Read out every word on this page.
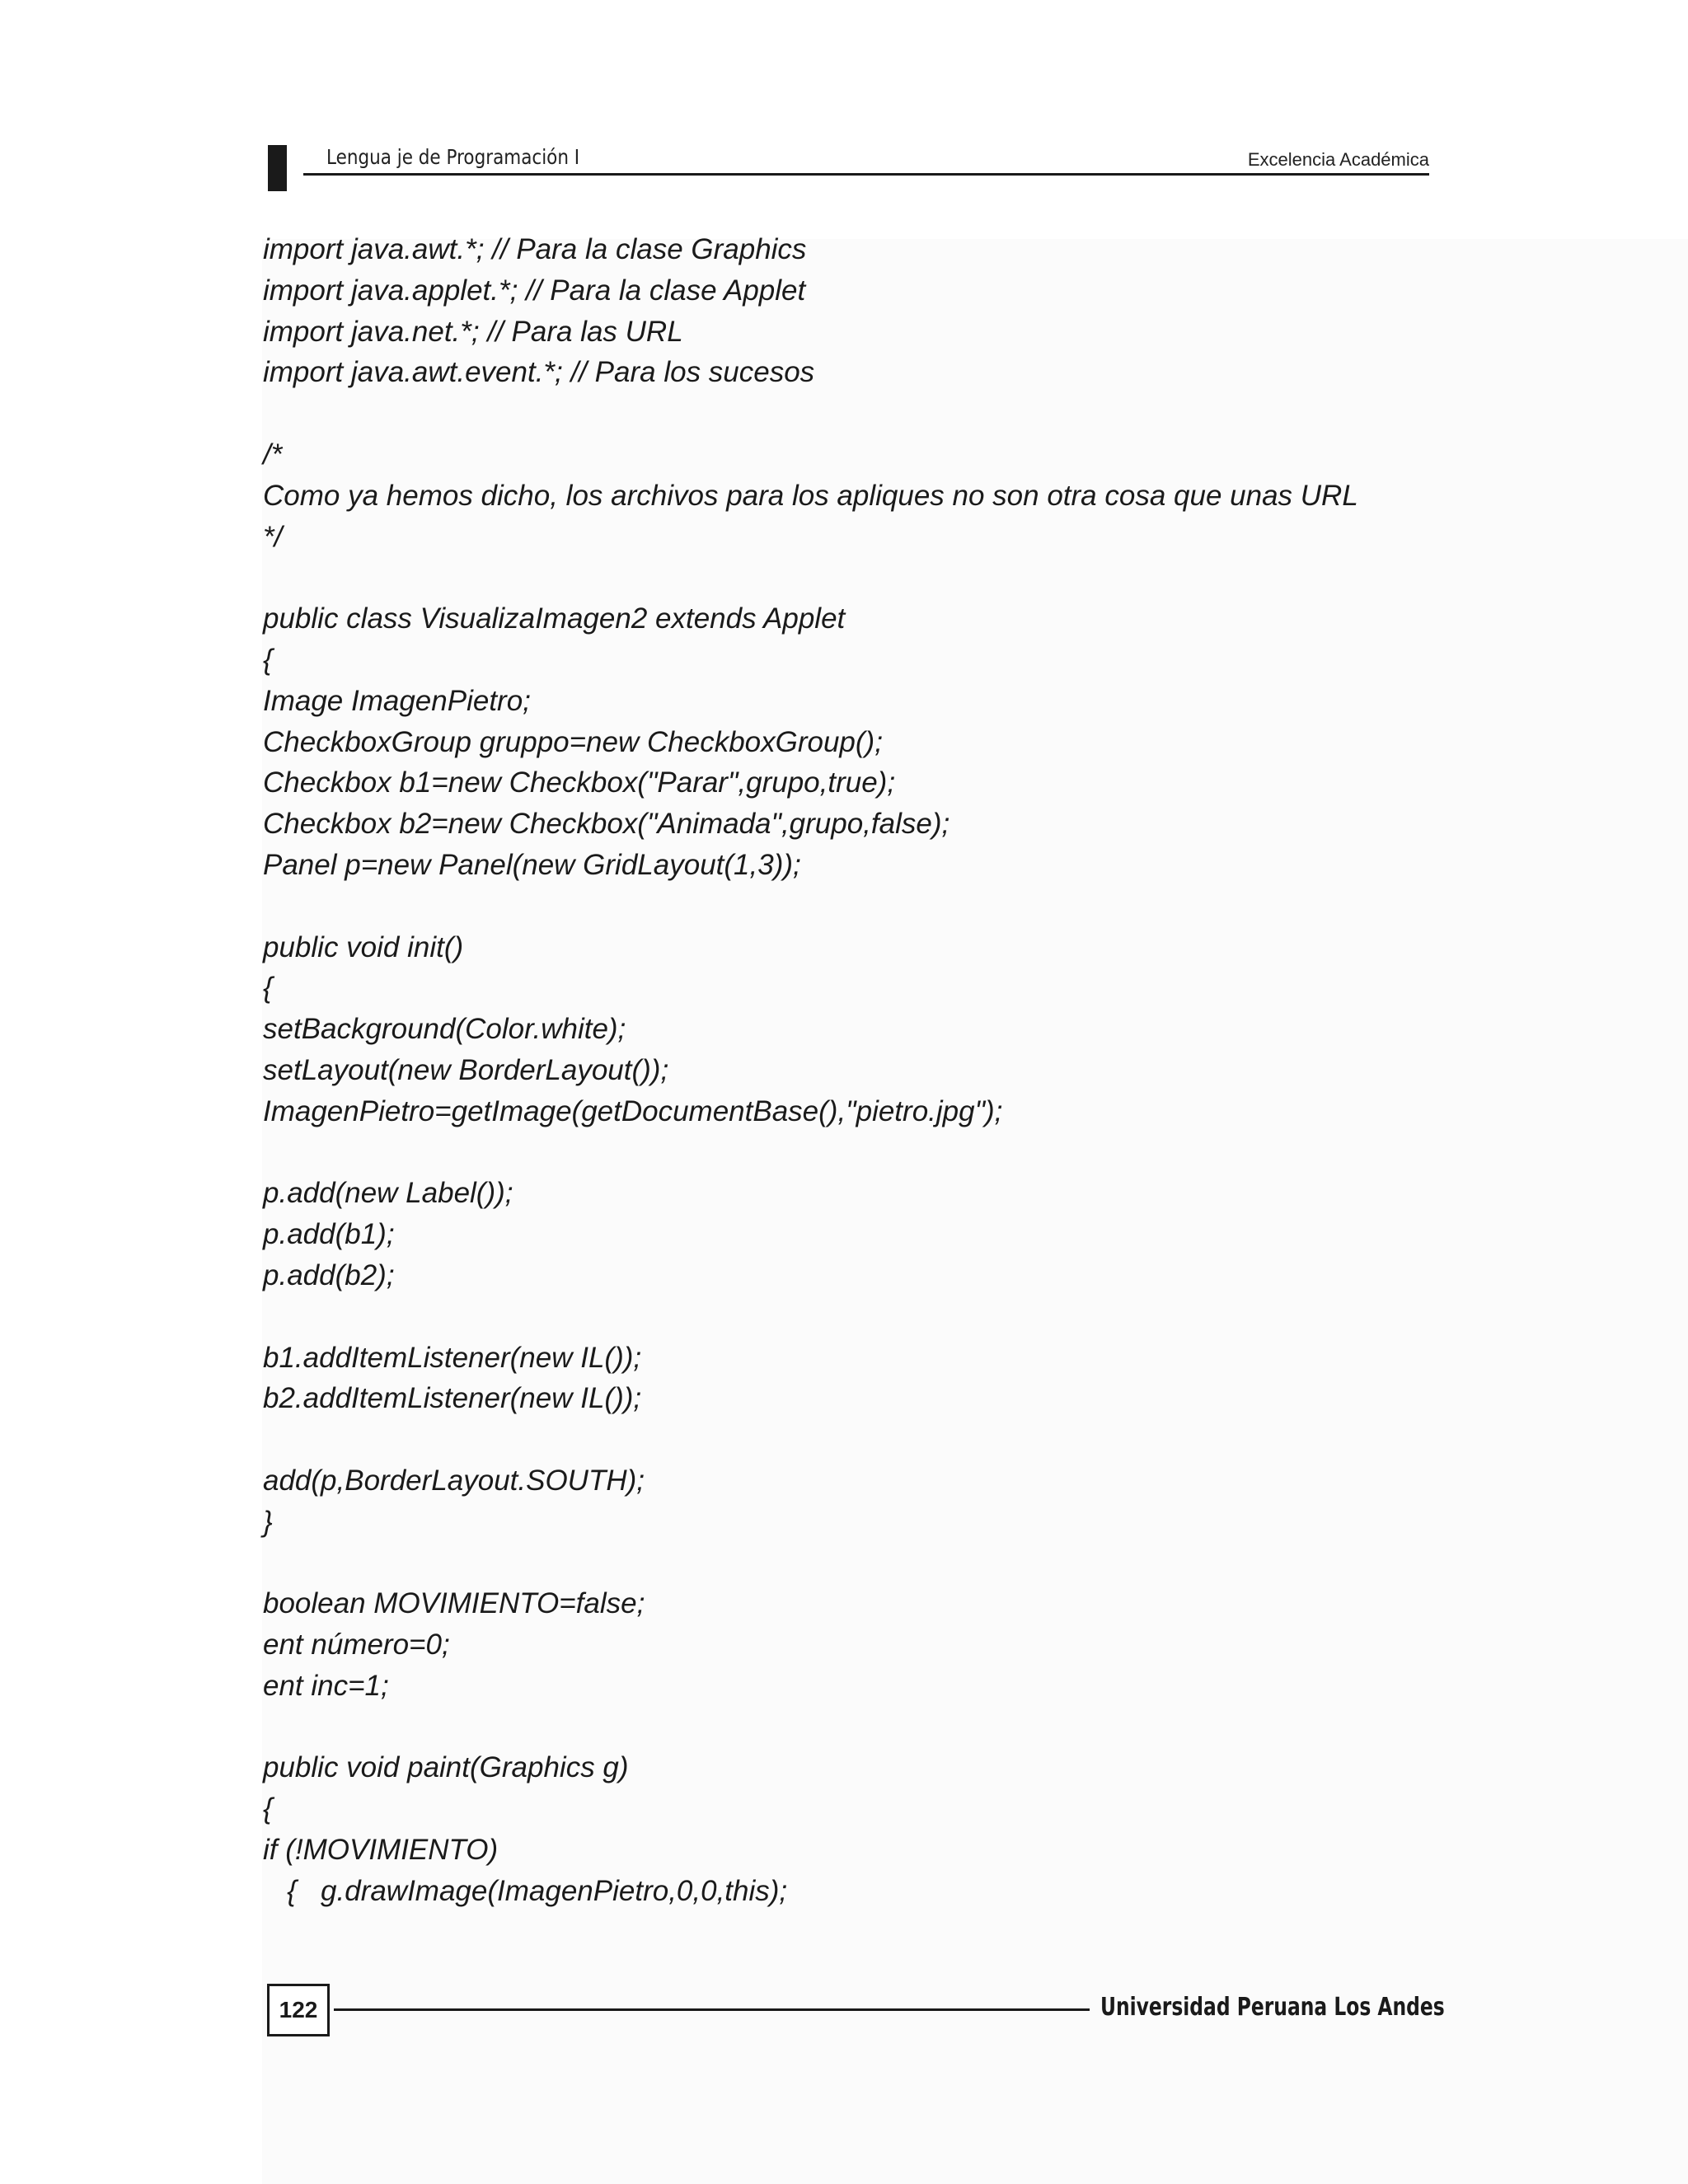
Lengua je de Programación I	Excelencia Académica
import java.awt.*; // Para la clase Graphics
import java.applet.*; // Para la clase Applet
import java.net.*; // Para las URL
import java.awt.event.*; // Para los sucesos
/*
Como ya hemos dicho, los archivos para los apliques no son otra cosa que unas URL
*/
public class VisualizaImagen2 extends Applet
{
Image ImagenPietro;
CheckboxGroup gruppo=new CheckboxGroup();
Checkbox b1=new Checkbox("Parar",grupo,true);
Checkbox b2=new Checkbox("Animada",grupo,false);
Panel p=new Panel(new GridLayout(1,3));
public void init()
{
setBackground(Color.white);
setLayout(new BorderLayout());
ImagenPietro=getImage(getDocumentBase(),"pietro.jpg");
p.add(new Label());
p.add(b1);
p.add(b2);
b1.addItemListener(new IL());
b2.addItemListener(new IL());
add(p,BorderLayout.SOUTH);
}
boolean MOVIMIENTO=false;
ent número=0;
ent inc=1;
public void paint(Graphics g)
{
if (!MOVIMIENTO)
{   g.drawImage(ImagenPietro,0,0,this);
122	Universidad Peruana Los Andes
